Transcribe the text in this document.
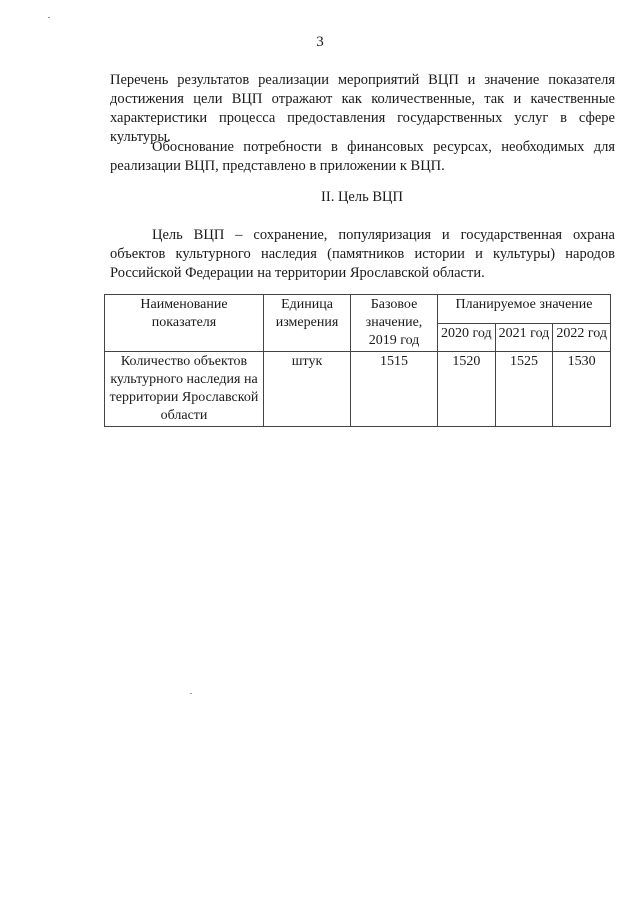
3

Перечень результатов реализации мероприятий ВЦП и значение показателя достижения цели ВЦП отражают как количественные, так и качественные характеристики процесса предоставления государственных услуг в сфере культуры.

Обоснование потребности в финансовых ресурсах, необходимых для реализации ВЦП, представлено в приложении к ВЦП.

II. Цель ВЦП

Цель ВЦП – сохранение, популяризация и государственная охрана объектов культурного наследия (памятников истории и культуры) народов Российской Федерации на территории Ярославской области.

Наименование показателя	Единица измерения	Базовое значение, 2019 год	Планируемое значение		
			2020 год	2021 год	2022 год
Количество объектов культурного наследия на территории Ярославской области	штук	1515	1520	1525	1530
